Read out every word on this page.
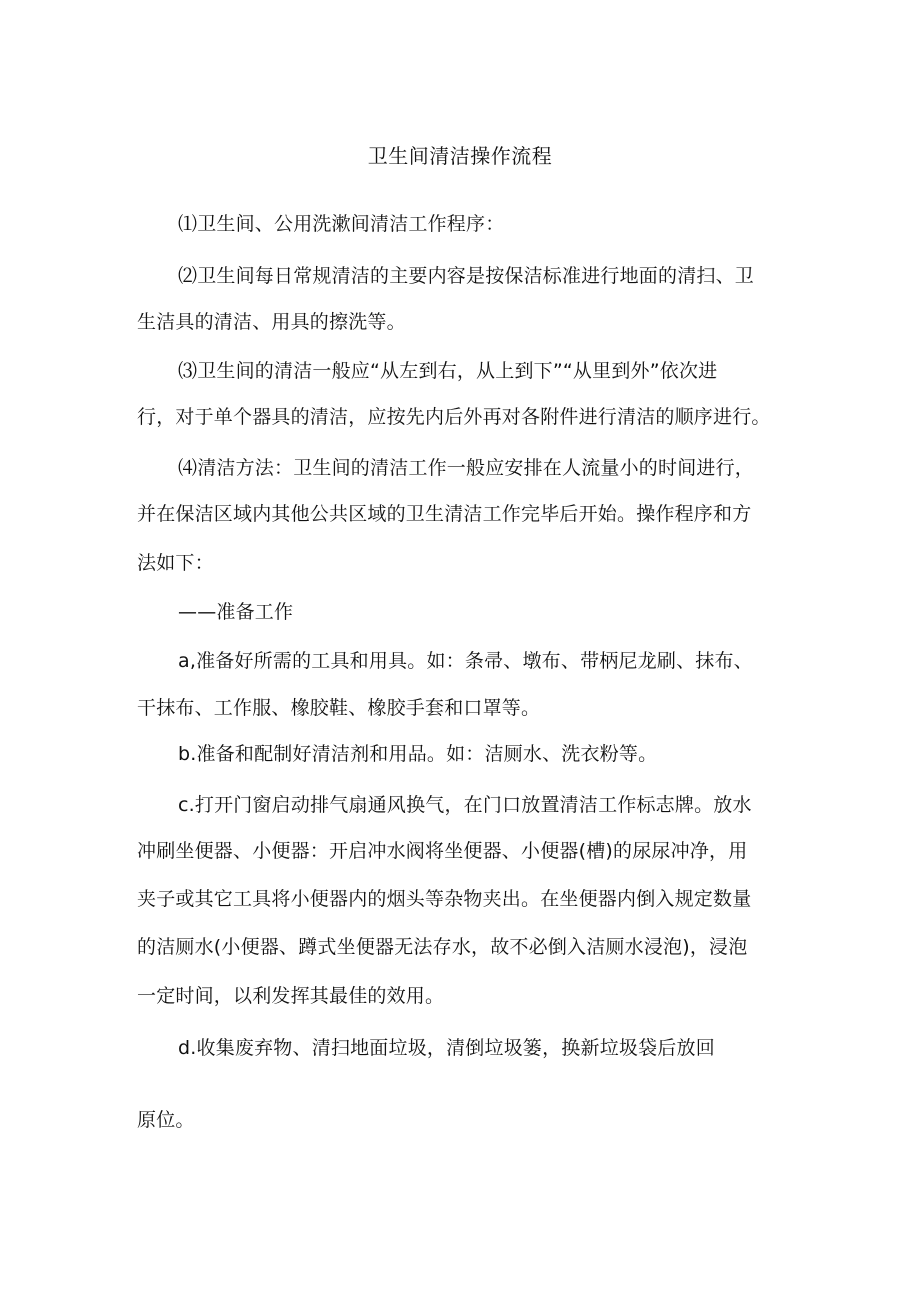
卫生间清洁操作流程
⑴卫生间、公用洗漱间清洁工作程序：
⑵卫生间每日常规清洁的主要内容是按保洁标准进行地面的清扫、卫
生洁具的清洁、用具的擦洗等。
⑶卫生间的清洁一般应“从左到右，从上到下”“从里到外”依次进
行，对于单个器具的清洁，应按先内后外再对各附件进行清洁的顺序进行。
⑷清洁方法：卫生间的清洁工作一般应安排在人流量小的时间进行，
并在保洁区域内其他公共区域的卫生清洁工作完毕后开始。操作程序和方
法如下：
——准备工作
a,准备好所需的工具和用具。如：条帚、墩布、带柄尼龙刷、抹布、
干抹布、工作服、橡胶鞋、橡胶手套和口罩等。
b.准备和配制好清洁剂和用品。如：洁厕水、洗衣粉等。
c.打开门窗启动排气扇通风换气，在门口放置清洁工作标志牌。放水
冲刷坐便器、小便器：开启冲水阀将坐便器、小便器(槽)的尿尿冲净，用
夹子或其它工具将小便器内的烟头等杂物夹出。在坐便器内倒入规定数量
的洁厕水(小便器、蹲式坐便器无法存水，故不必倒入洁厕水浸泡)，浸泡
一定时间，以利发挥其最佳的效用。
d.收集废弃物、清扫地面垃圾，清倒垃圾篓，换新垃圾袋后放回
原位。
